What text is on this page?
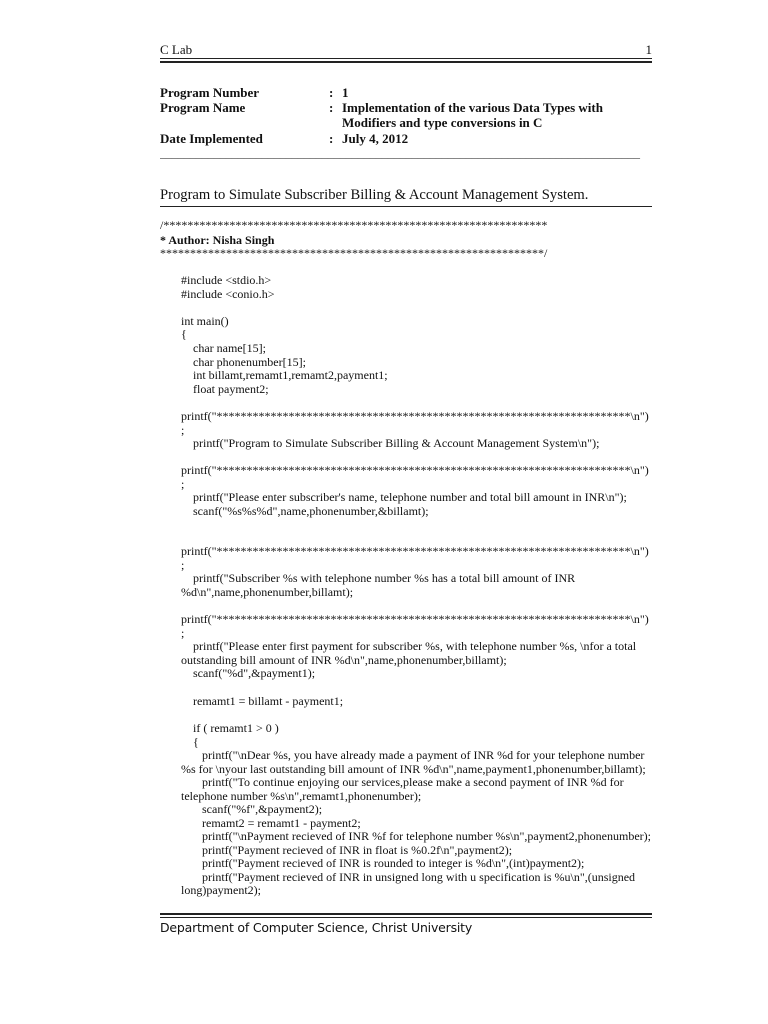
C Lab	1
Program Number	: 1
Program Name	: Implementation of the various Data Types with
Modifiers and type conversions in C
Date Implemented	: July 4, 2012
________________________________________________________________________________
Program to Simulate Subscriber Billing & Account Management System.
/****************************************************************
* Author: Nisha Singh
****************************************************************/
#include <stdio.h>
#include <conio.h>
int main()
{
char name[15];
char phonenumber[15];
int billamt,remamt1,remamt2,payment1;
float payment2;
printf("*********************************************************************\n")
;
printf("Program to Simulate Subscriber Billing & Account Management System\n");
printf("*********************************************************************\n")
;
printf("Please enter subscriber's name, telephone number and total bill amount in INR\n");
scanf("%s%s%d",name,phonenumber,&billamt);
printf("*********************************************************************\n")
;
printf("Subscriber %s with telephone number %s has a total bill amount of INR
%d\n",name,phonenumber,billamt);
printf("*********************************************************************\n")
;
printf("Please enter first payment for subscriber %s, with telephone number %s, \nfor a total
outstanding bill amount of INR %d\n",name,phonenumber,billamt);
scanf("%d",&payment1);
remamt1 = billamt - payment1;
if ( remamt1 > 0 )
{
printf("\nDear %s, you have already made a payment of INR %d for your telephone number
%s for \nyour last outstanding bill amount of INR %d\n",name,payment1,phonenumber,billamt);
printf("To continue enjoying our services,please make a second payment of INR %d for
telephone number %s\n",remamt1,phonenumber);
scanf("%f",&payment2);
remamt2 = remamt1 - payment2;
printf("\nPayment recieved of INR %f for telephone number %s\n",payment2,phonenumber);
printf("Payment recieved of INR in float is %0.2f\n",payment2);
printf("Payment recieved of INR is rounded to integer is %d\n",(int)payment2);
printf("Payment recieved of INR in unsigned long with u specification is %u\n",(unsigned
long)payment2);
Department of Computer Science, Christ University
